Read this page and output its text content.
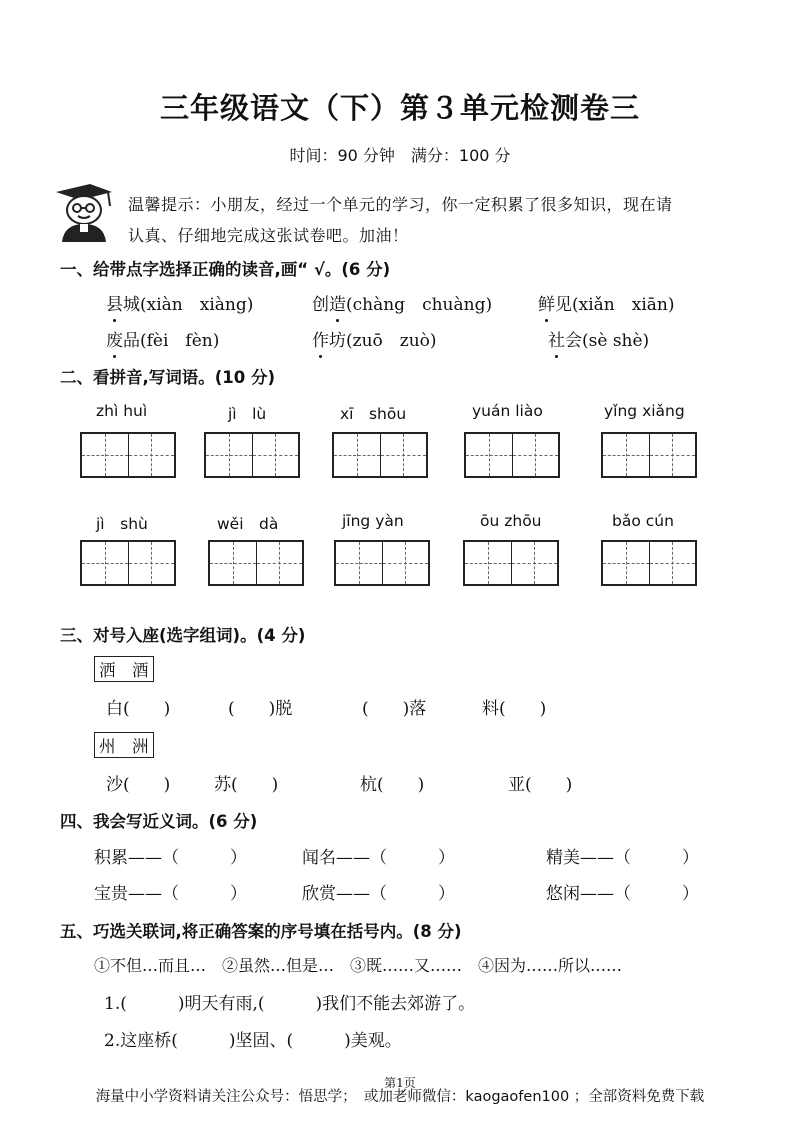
三年级语文（下）第３单元检测卷三
时间：90 分钟　满分：100 分
温馨提示：小朋友，经过一个单元的学习，你一定积累了很多知识，现在请
认真、仔细地完成这张试卷吧。加油！
一、给带点字选择正确的读音,画“ √。(6 分)
县城(xiàn　xiàng)	创造(chàng　chuàng)	鲜见(xiǎn　xiān)
废品(fèi　fèn)	作坊(zuō　zuò)	社会(sè shè)
二、看拼音,写词语。(10 分)
zhì huì	jì　lù	xī　shōu	yuán liào	yǐng xiǎng
jì　shù	wěi　dà	jīng yàn	ōu zhōu	bǎo cún
三、对号入座(选字组词)。(4 分)
洒　酒
白(　　)	(　　)脱	(　　)落	料(　　)
州　洲
沙(　　)	苏(　　)	杭(　　)	亚(　　)
四、我会写近义词。(6 分)
积累——（　　　）	闻名——（　　　）	精美——（　　　）
宝贵——（　　　）	欣赏——（　　　）	悠闲——（　　　）
五、巧选关联词,将正确答案的序号填在括号内。(8 分)
①不但…而且…　②虽然…但是…　③既……又……　④因为……所以……
1.(　　　)明天有雨,(　　　)我们不能去郊游了。
2.这座桥(　　　)坚固、(　　　)美观。
第1页
海量中小学资料请关注公众号：悟思学；　或加老师微信：kaogaofen100 ；全部资料免费下载
